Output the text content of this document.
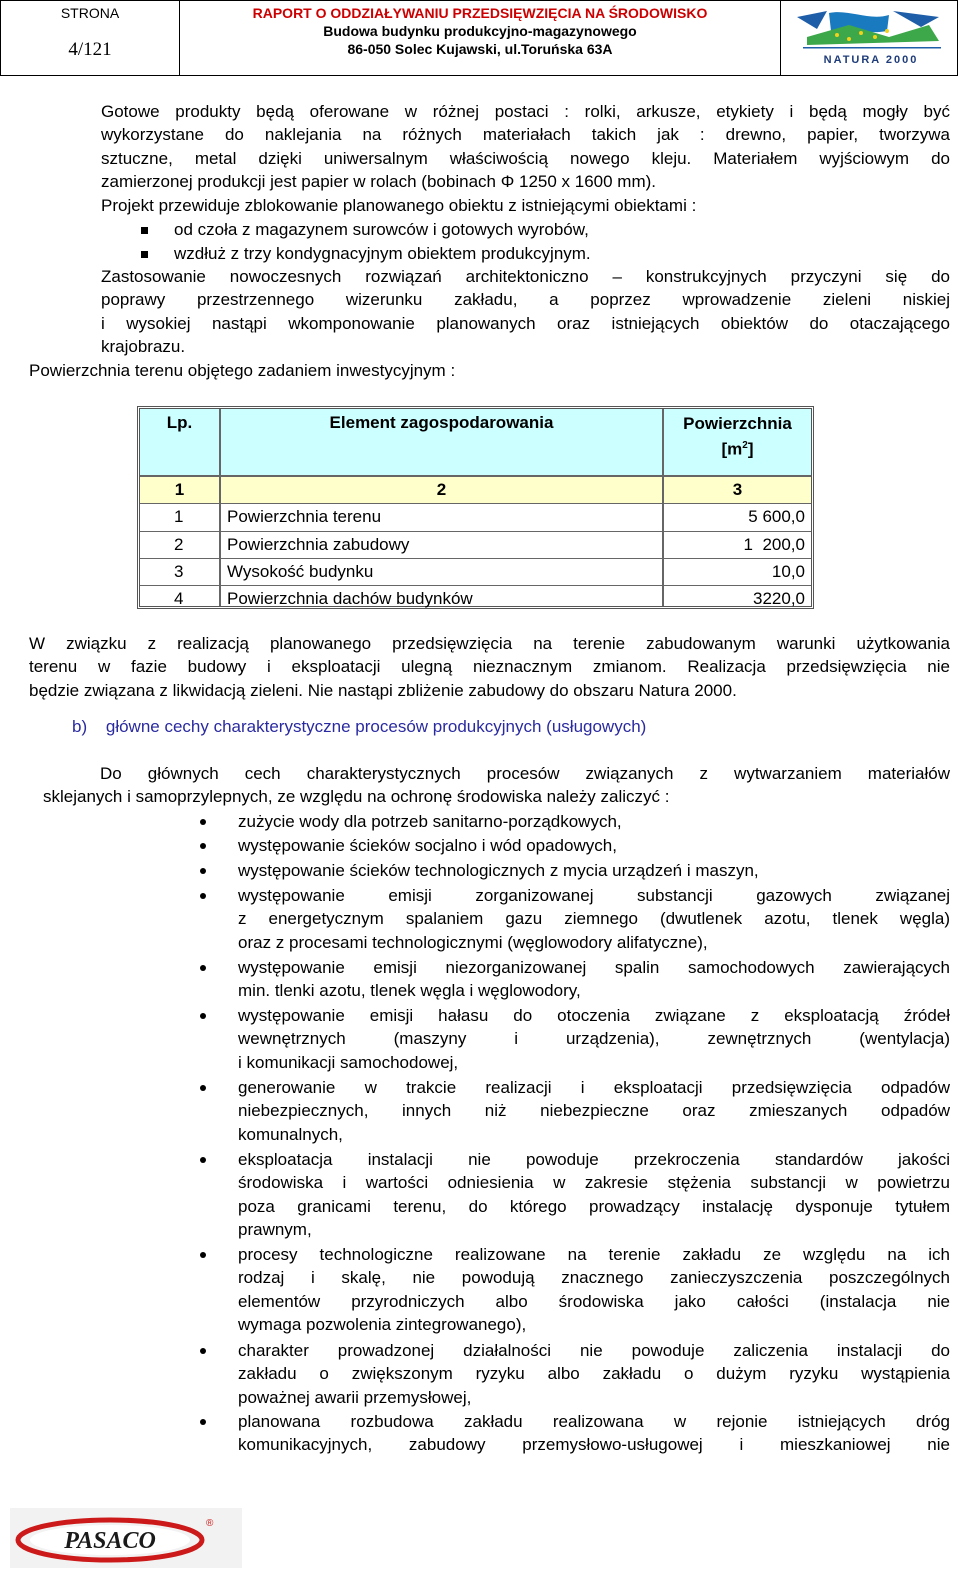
STRONA
4/121
RAPORT O ODDZIAŁYWANIU PRZEDSIĘWZIĘCIA NA ŚRODOWISKO
Budowa budynku produkcyjno-magazynowego
86-050 Solec Kujawski, ul.Toruńska 63A
NATURA 2000
Gotowe produkty będą oferowane w różnej postaci : rolki, arkusze, etykiety i będą mogły być
wykorzystane do naklejania na różnych materiałach takich jak : drewno, papier, tworzywa
sztuczne, metal dzięki uniwersalnym właściwością nowego kleju. Materiałem wyjściowym do
zamierzonej produkcji jest papier w rolach (bobinach Φ 1250 x 1600 mm).
Projekt przewiduje zblokowanie planowanego obiektu z istniejącymi obiektami :
od czoła z magazynem surowców i gotowych wyrobów,
wzdłuż z trzy kondygnacyjnym obiektem produkcyjnym.
Zastosowanie nowoczesnych rozwiązań architektoniczno – konstrukcyjnych przyczyni się do
poprawy przestrzennego wizerunku zakładu, a poprzez wprowadzenie zieleni niskiej
i wysokiej nastąpi wkomponowanie planowanych oraz istniejących obiektów do otaczającego
krajobrazu.
Powierzchnia terenu objętego zadaniem inwestycyjnym :
Lp.	Element zagospodarowania	Powierzchnia
$[m^2]$
1	2	3
1	Powierzchnia terenu	5 600,0
2	Powierzchnia zabudowy	1  200,0
3	Wysokość budynku	10,0
4	Powierzchnia dachów budynków	3220,0
W związku z realizacją planowanego przedsięwzięcia na terenie zabudowanym warunki użytkowania
terenu w fazie budowy i eksploatacji ulegną nieznacznym zmianom. Realizacja przedsięwzięcia nie
będzie związana z likwidacją zieleni. Nie nastąpi zbliżenie zabudowy do obszaru Natura 2000.
b) główne cechy charakterystyczne procesów produkcyjnych (usługowych)
Do głównych cech charakterystycznych procesów związanych z wytwarzaniem materiałów
sklejanych i samoprzylepnych, ze względu na ochronę środowiska należy zaliczyć :
zużycie wody dla potrzeb sanitarno-porządkowych,
występowanie ścieków socjalno i wód opadowych,
występowanie ścieków technologicznych z mycia urządzeń i maszyn,
występowanie emisji zorganizowanej substancji gazowych związanej
z energetycznym spalaniem gazu ziemnego (dwutlenek azotu, tlenek węgla)
oraz z procesami technologicznymi (węglowodory alifatyczne),
występowanie emisji niezorganizowanej spalin samochodowych zawierających
min. tlenki azotu, tlenek węgla i węglowodory,
występowanie emisji hałasu do otoczenia związane z eksploatacją źródeł
wewnętrznych (maszyny i urządzenia), zewnętrznych (wentylacja)
i komunikacji samochodowej,
generowanie w trakcie realizacji i eksploatacji przedsięwzięcia odpadów
niebezpiecznych, innych niż niebezpieczne oraz zmieszanych odpadów
komunalnych,
eksploatacja instalacji nie powoduje przekroczenia standardów jakości
środowiska i wartości odniesienia w zakresie stężenia substancji w powietrzu
poza granicami terenu, do którego prowadzący instalację dysponuje tytułem
prawnym,
procesy technologiczne realizowane na terenie zakładu ze względu na ich
rodzaj i skalę, nie powodują znacznego zanieczyszczenia poszczególnych
elementów przyrodniczych albo środowiska jako całości (instalacja nie
wymaga pozwolenia zintegrowanego),
charakter prowadzonej działalności nie powoduje zaliczenia instalacji do
zakładu o zwiększonym ryzyku albo zakładu o dużym ryzyku wystąpienia
poważnej awarii przemysłowej,
planowana rozbudowa zakładu realizowana w rejonie istniejących dróg
komunikacyjnych, zabudowy przemysłowo-usługowej i mieszkaniowej nie
PASACO
®
